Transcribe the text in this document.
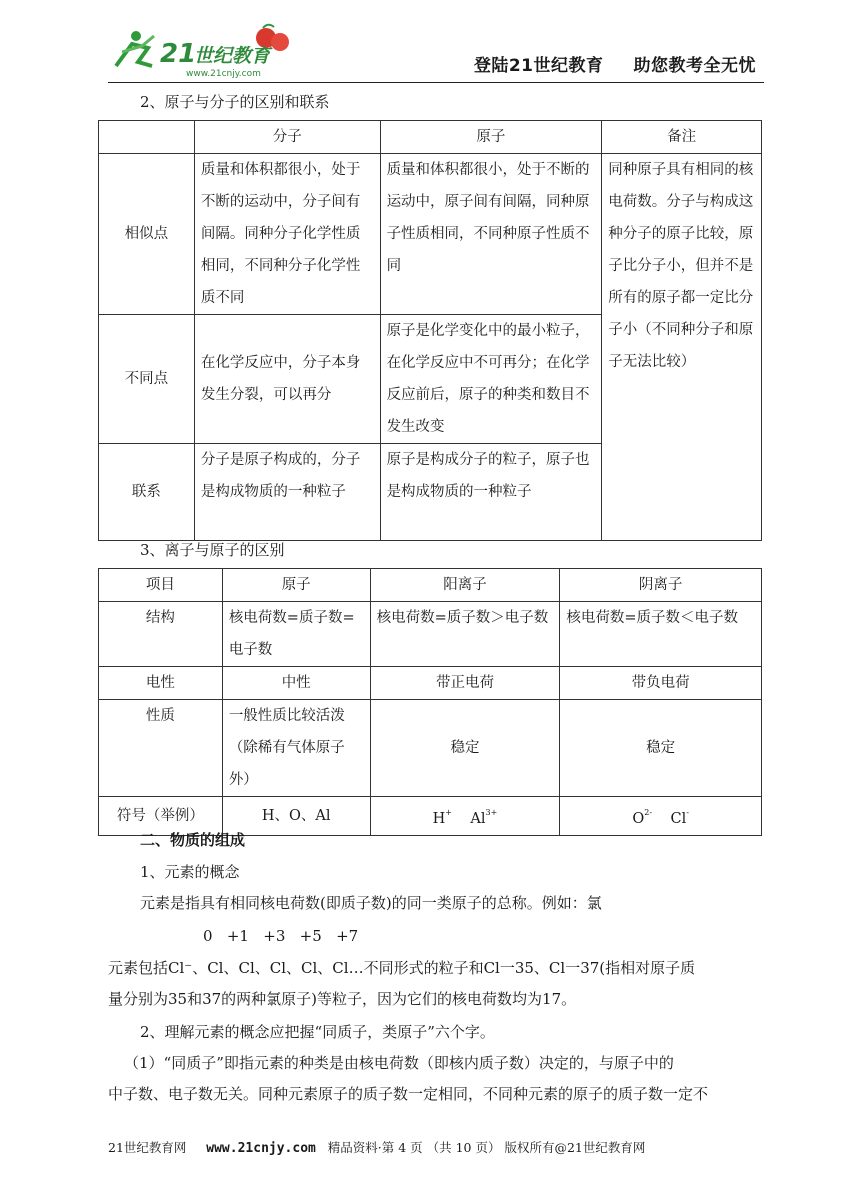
21
世纪教育
www.21cnjy.com	登陆21世纪教育 助您教考全无忧
2、原子与分子的区别和联系
	分子	原子	备注
相似点	质量和体积都很小，处于不断的运动中，分子间有间隔。同种分子化学性质相同，不同种分子化学性质不同	质量和体积都很小，处于不断的运动中，原子间有间隔，同种原子性质相同，不同种原子性质不同	同种原子具有相同的核电荷数。分子与构成这种分子的原子比较，原子比分子小，但并不是所有的原子都一定比分子小（不同种分子和原子无法比较）
不同点	在化学反应中，分子本身发生分裂，可以再分	原子是化学变化中的最小粒子，在化学反应中不可再分；在化学反应前后，原子的种类和数目不发生改变	
联系	分子是原子构成的，分子是构成物质的一种粒子	原子是构成分子的粒子，原子也是构成物质的一种粒子	
3、离子与原子的区别
项目	原子	阳离子	阴离子
结构	核电荷数=质子数=电子数	核电荷数=质子数＞电子数	核电荷数=质子数＜电子数
电性	中性	带正电荷	带负电荷
性质	一般性质比较活泼（除稀有气体原子外）	稳定	稳定
符号（举例）	H、O、Al	H+ $Al^{3+}$	$O^{2-}$ Cl-
二、物质的组成
1、元素的概念
元素是指具有相同核电荷数(即质子数)的同一类原子的总称。例如：氯
0   +1   +3   +5   +7
元素包括Cl⁻、Cl、Cl、Cl、Cl、Cl…不同形式的粒子和Cl一35、Cl一37(指相对原子质
量分别为35和37的两种氯原子)等粒子，因为它们的核电荷数均为17。
2、理解元素的概念应把握“同质子，类原子”六个字。
（1）“同质子”即指元素的种类是由核电荷数（即核内质子数）决定的，与原子中的
中子数、电子数无关。同种元素原子的质子数一定相同，不同种元素的原子的质子数一定不
21世纪教育网 www.21cnjy.com 精品资料·第 4 页 （共 10 页） 版权所有@21世纪教育网
